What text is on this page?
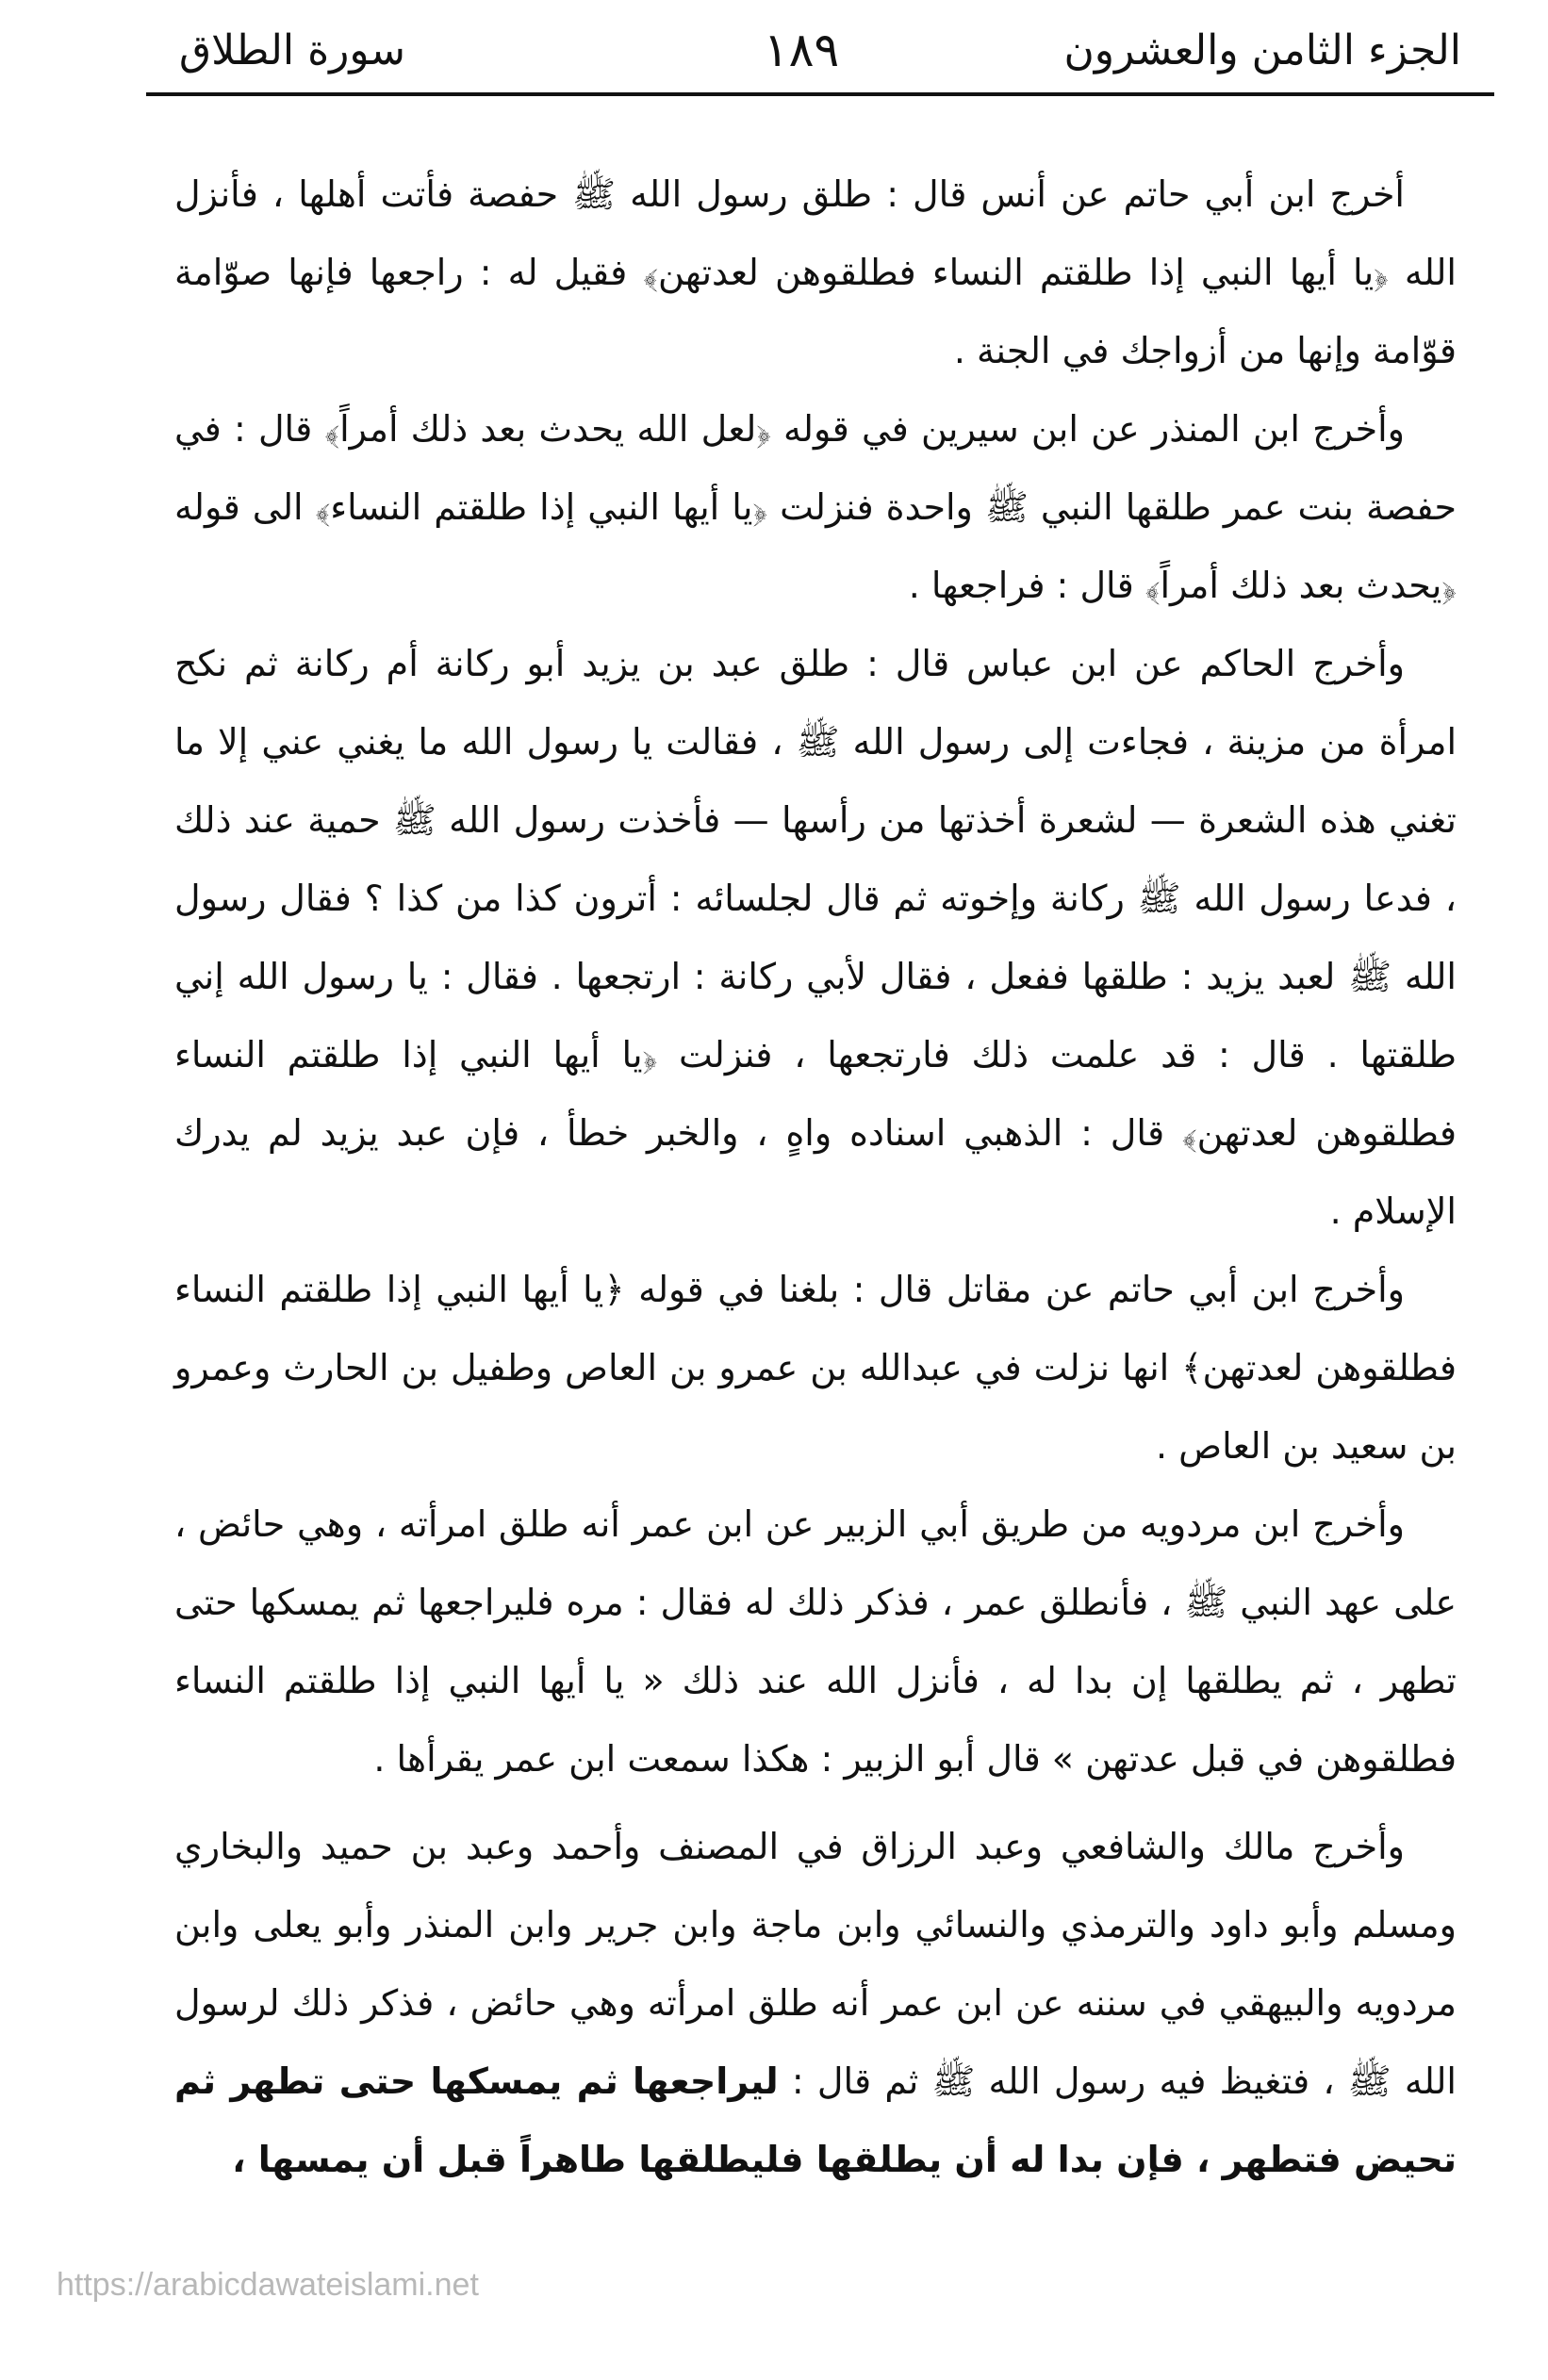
الجزء الثامن والعشرون
١٨٩
سورة الطلاق

أخرج ابن أبي حاتم عن أنس قال : طلق رسول الله ﷺ حفصة فأتت أهلها ، فأنزل الله ﴿يا أيها النبي إذا طلقتم النساء فطلقوهن لعدتهن﴾ فقيل له : راجعها فإنها صوّامة قوّامة وإنها من أزواجك في الجنة .

وأخرج ابن المنذر عن ابن سيرين في قوله ﴿لعل الله يحدث بعد ذلك أمراً﴾ قال : في حفصة بنت عمر طلقها النبي ﷺ واحدة فنزلت ﴿يا أيها النبي إذا طلقتم النساء﴾ الى قوله ﴿يحدث بعد ذلك أمراً﴾ قال : فراجعها .

وأخرج الحاكم عن ابن عباس قال : طلق عبد بن يزيد أبو ركانة أم ركانة ثم نكح امرأة من مزينة ، فجاءت إلى رسول الله ﷺ ، فقالت يا رسول الله ما يغني عني إلا ما تغني هذه الشعرة — لشعرة أخذتها من رأسها — فأخذت رسول الله ﷺ حمية عند ذلك ، فدعا رسول الله ﷺ ركانة وإخوته ثم قال لجلسائه : أترون كذا من كذا ؟ فقال رسول الله ﷺ لعبد يزيد : طلقها ففعل ، فقال لأبي ركانة : ارتجعها . فقال : يا رسول الله إني طلقتها . قال : قد علمت ذلك فارتجعها ، فنزلت ﴿يا أيها النبي إذا طلقتم النساء فطلقوهن لعدتهن﴾ قال : الذهبي اسناده واهٍ ، والخبر خطأ ، فإن عبد يزيد لم يدرك الإسلام .

وأخرج ابن أبي حاتم عن مقاتل قال : بلغنا في قوله ﴿يا أيها النبي إذا طلقتم النساء فطلقوهن لعدتهن﴾ انها نزلت في عبدالله بن عمرو بن العاص وطفيل بن الحارث وعمرو بن سعيد بن العاص .

وأخرج ابن مردويه من طريق أبي الزبير عن ابن عمر أنه طلق امرأته ، وهي حائض ، على عهد النبي ﷺ ، فأنطلق عمر ، فذكر ذلك له فقال : مره فليراجعها ثم يمسكها حتى تطهر ، ثم يطلقها إن بدا له ، فأنزل الله عند ذلك « يا أيها النبي إذا طلقتم النساء فطلقوهن في قبل عدتهن » قال أبو الزبير : هكذا سمعت ابن عمر يقرأها .

وأخرج مالك والشافعي وعبد الرزاق في المصنف وأحمد وعبد بن حميد والبخاري ومسلم وأبو داود والترمذي والنسائي وابن ماجة وابن جرير وابن المنذر وأبو يعلى وابن مردويه والبيهقي في سننه عن ابن عمر أنه طلق امرأته وهي حائض ، فذكر ذلك لرسول الله ﷺ ، فتغيظ فيه رسول الله ﷺ ثم قال : ليراجعها ثم يمسكها حتى تطهر ثم تحيض فتطهر ، فإن بدا له أن يطلقها فليطلقها طاهراً قبل أن يمسها ،

https://arabicdawateislami.net
